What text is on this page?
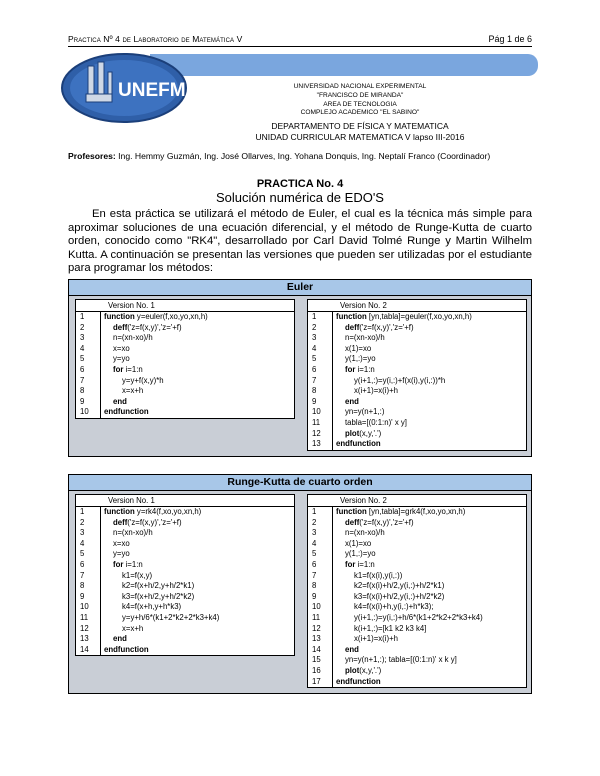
Practica Nº 4 de Laboratorio de Matemática V	Pág 1 de 6
UNEFM	UNIVERSIDAD NACIONAL EXPERIMENTAL
"FRANCISCO DE MIRANDA"
AREA DE TECNOLOGIA
COMPLEJO ACADEMICO "EL SABINO"
DEPARTAMENTO DE FÍSICA Y MATEMATICA
UNIDAD CURRICULAR MATEMATICA V lapso III-2016
Profesores: Ing. Hemmy Guzmán, Ing. José Ollarves, Ing. Yohana Donquis, Ing. Neptalí Franco (Coordinador)
PRACTICA No. 4
Solución numérica de EDO'S
En esta práctica se utilizará el método de Euler, el cual es la técnica más simple para aproximar soluciones de una ecuación diferencial, y el método de Runge-Kutta de cuarto orden, conocido como "RK4", desarrollado por Carl David Tolmé Runge y Martin Wilhelm Kutta. A continuación se presentan las versiones que pueden ser utilizadas por el estudiante para programar los métodos:
Euler
Version No. 1
1	function y=euler(f,xo,yo,xn,h)
2	deff('z=f(x,y)','z='+f)
3	n=(xn-xo)/h
4	x=xo
5	y=yo
6	for i=1:n
7	y=y+f(x,y)*h
8	x=x+h
9	end
10 endfunction
Version No. 2
1	function [yn,tabla]=geuler(f,xo,yo,xn,h)
2	deff('z=f(x,y)','z='+f)
3	n=(xn-xo)/h
4	x(1)=xo
5	y(1,:)=yo
6	for i=1:n
7	y(i+1,:)=y(i,:)+f(x(i),y(i,:))*h
8	x(i+1)=x(i)+h
9	end
10	yn=y(n+1,:)
11	tabla=[(0:1:n)' x y]
12	plot(x,y,'.')
13 endfunction
Runge-Kutta de cuarto orden
Version No. 1
1	function y=rk4(f,xo,yo,xn,h)
2	deff('z=f(x,y)','z='+f)
3	n=(xn-xo)/h
4	x=xo
5	y=yo
6	for i=1:n
7	k1=f(x,y)
8	k2=f(x+h/2,y+h/2*k1)
9	k3=f(x+h/2,y+h/2*k2)
10	k4=f(x+h,y+h*k3)
11	y=y+h/6*(k1+2*k2+2*k3+k4)
12	x=x+h
13	end
14 endfunction
Version No. 2
1	function [yn,tabla]=grk4(f,xo,yo,xn,h)
2	deff('z=f(x,y)','z='+f)
3	n=(xn-xo)/h
4	x(1)=xo
5	y(1,:)=yo
6	for i=1:n
7	k1=f(x(i),y(i,:))
8	k2=f(x(i)+h/2,y(i,:)+h/2*k1)
9	k3=f(x(i)+h/2,y(i,:)+h/2*k2)
10	k4=f(x(i)+h,y(i,:)+h*k3);
11	y(i+1,:)=y(i,:)+h/6*(k1+2*k2+2*k3+k4)
12	k(i+1,:)=[k1 k2 k3 k4]
13	x(i+1)=x(i)+h
14	end
15	yn=y(n+1,:); tabla=[(0:1:n)' x k y]
16	plot(x,y,'.')
17 endfunction
